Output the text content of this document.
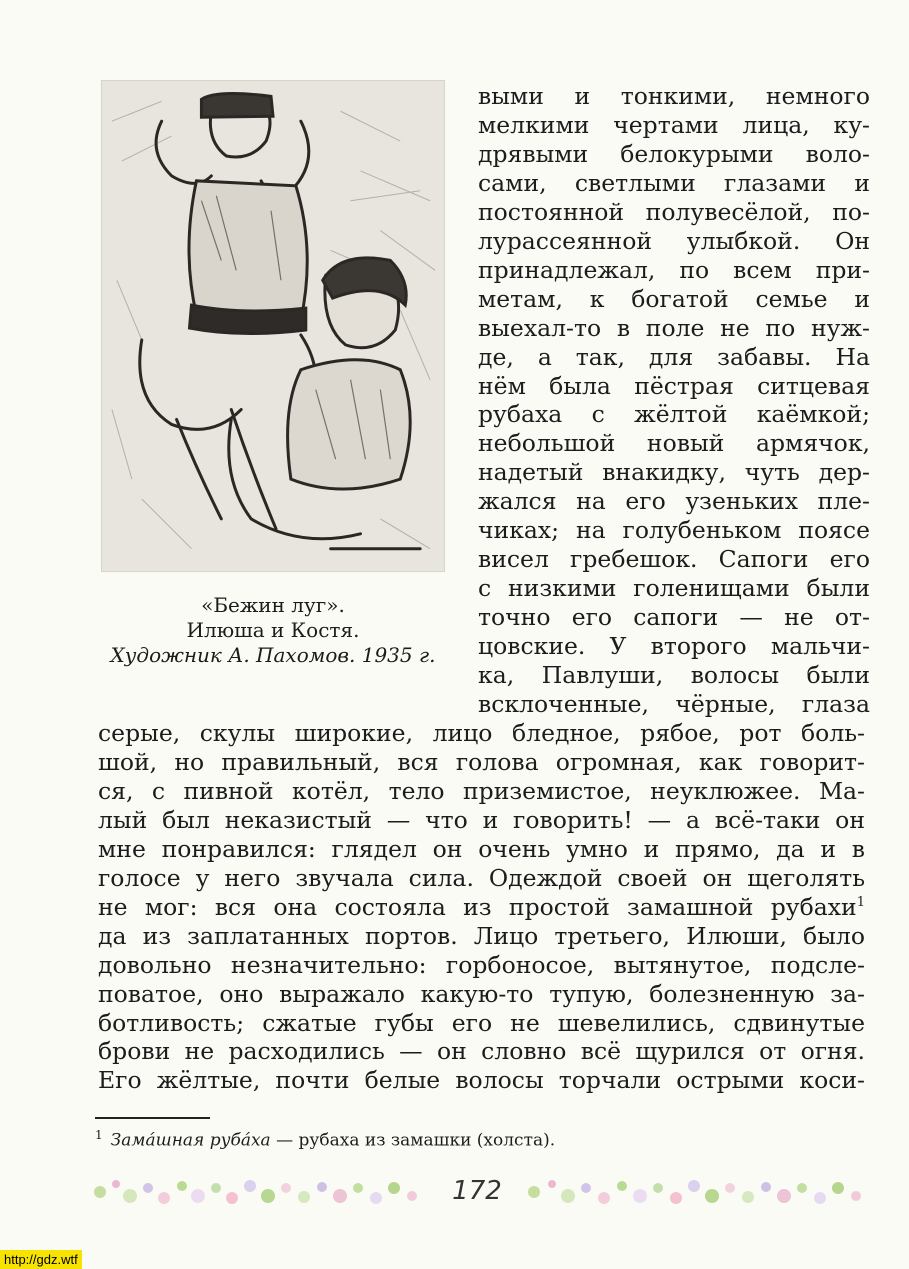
«Бежин луг».
Илюша и Костя.
Художник А. Пахомов. 1935 г.
выми и тонкими, немного
мелкими чертами лица, ку-
дрявыми белокурыми воло-
сами, светлыми глазами и
постоянной полувесёлой, по-
лурассеянной улыбкой. Он
принадлежал, по всем при-
метам, к богатой семье и
выехал-то в поле не по нуж-
де, а так, для забавы. На
нём была пёстрая ситцевая
рубаха с жёлтой каёмкой;
небольшой новый армячок,
надетый внакидку, чуть дер-
жался на его узеньких пле-
чиках; на голубеньком поясе
висел гребешок. Сапоги его
с низкими голенищами были
точно его сапоги — не от-
цовские. У второго мальчи-
ка, Павлуши, волосы были
всклоченные, чёрные, глаза
серые, скулы широкие, лицо бледное, рябое, рот боль-
шой, но правильный, вся голова огромная, как говорит-
ся, с пивной котёл, тело приземистое, неуклюжее. Ма-
лый был неказистый — что и говорить! — а всё-таки он
мне понравился: глядел он очень умно и прямо, да и в
голосе у него звучала сила. Одеждой своей он щеголять
не мог: вся она состояла из простой замашной рубахи$^1$
да из заплатанных портов. Лицо третьего, Илюши, было
довольно незначительно: горбоносое, вытянутое, подсле-
поватое, оно выражало какую-то тупую, болезненную за-
ботливость; сжатые губы его не шевелились, сдвинутые
брови не расходились — он словно всё щурился от огня.
Его жёлтые, почти белые волосы торчали острыми коси-
$^1$ Зама́шная руба́ха — рубаха из замашки (холста).
172
http://gdz.wtf
